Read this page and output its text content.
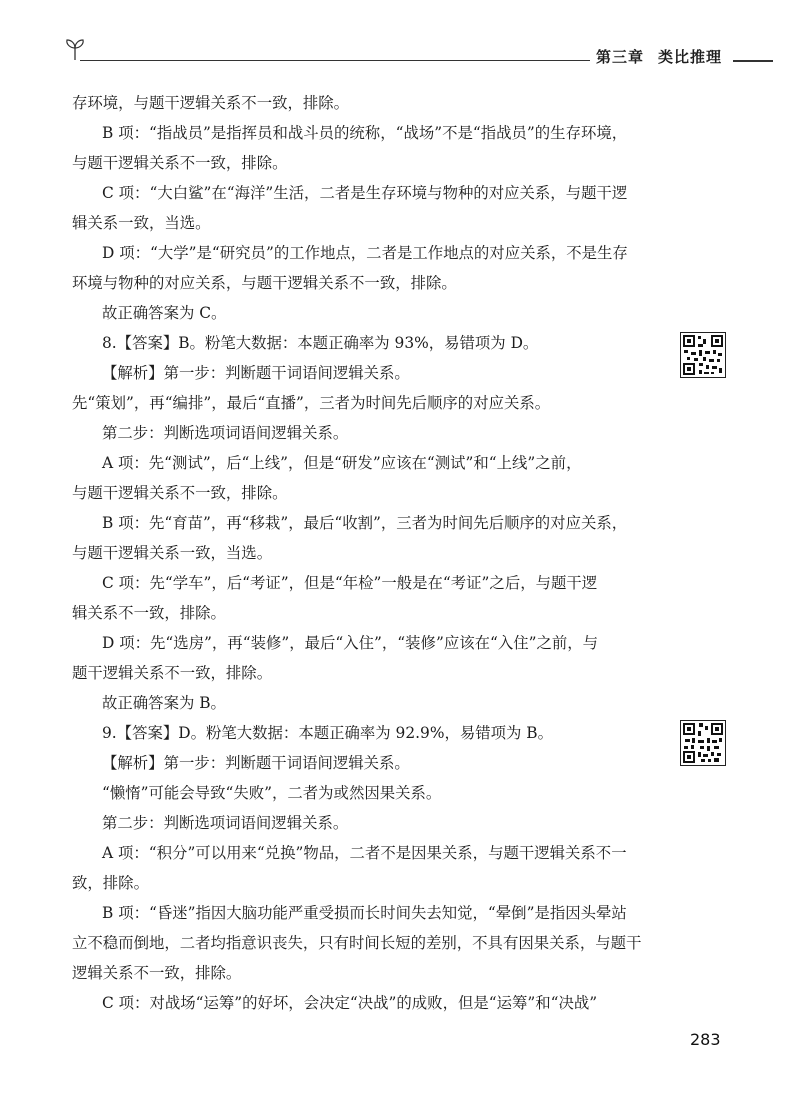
第三章 类比推理
存环境，与题干逻辑关系不一致，排除。
B 项：“指战员”是指挥员和战斗员的统称，“战场”不是“指战员”的生存环境，
与题干逻辑关系不一致，排除。
C 项：“大白鲨”在“海洋”生活，二者是生存环境与物种的对应关系，与题干逻
辑关系一致，当选。
D 项：“大学”是“研究员”的工作地点，二者是工作地点的对应关系，不是生存
环境与物种的对应关系，与题干逻辑关系不一致，排除。
故正确答案为 C。
8.【答案】B。粉笔大数据：本题正确率为 93%，易错项为 D。
【解析】第一步：判断题干词语间逻辑关系。
先“策划”，再“编排”，最后“直播”，三者为时间先后顺序的对应关系。
第二步：判断选项词语间逻辑关系。
A 项：先“测试”，后“上线”，但是“研发”应该在“测试”和“上线”之前，
与题干逻辑关系不一致，排除。
B 项：先“育苗”，再“移栽”，最后“收割”，三者为时间先后顺序的对应关系，
与题干逻辑关系一致，当选。
C 项：先“学车”，后“考证”，但是“年检”一般是在“考证”之后，与题干逻
辑关系不一致，排除。
D 项：先“选房”，再“装修”，最后“入住”，“装修”应该在“入住”之前，与
题干逻辑关系不一致，排除。
故正确答案为 B。
9.【答案】D。粉笔大数据：本题正确率为 92.9%，易错项为 B。
【解析】第一步：判断题干词语间逻辑关系。
“懒惰”可能会导致“失败”，二者为或然因果关系。
第二步：判断选项词语间逻辑关系。
A 项：“积分”可以用来“兑换”物品，二者不是因果关系，与题干逻辑关系不一
致，排除。
B 项：“昏迷”指因大脑功能严重受损而长时间失去知觉，“晕倒”是指因头晕站
立不稳而倒地，二者均指意识丧失，只有时间长短的差别，不具有因果关系，与题干
逻辑关系不一致，排除。
C 项：对战场“运筹”的好坏，会决定“决战”的成败，但是“运筹”和“决战”
283
